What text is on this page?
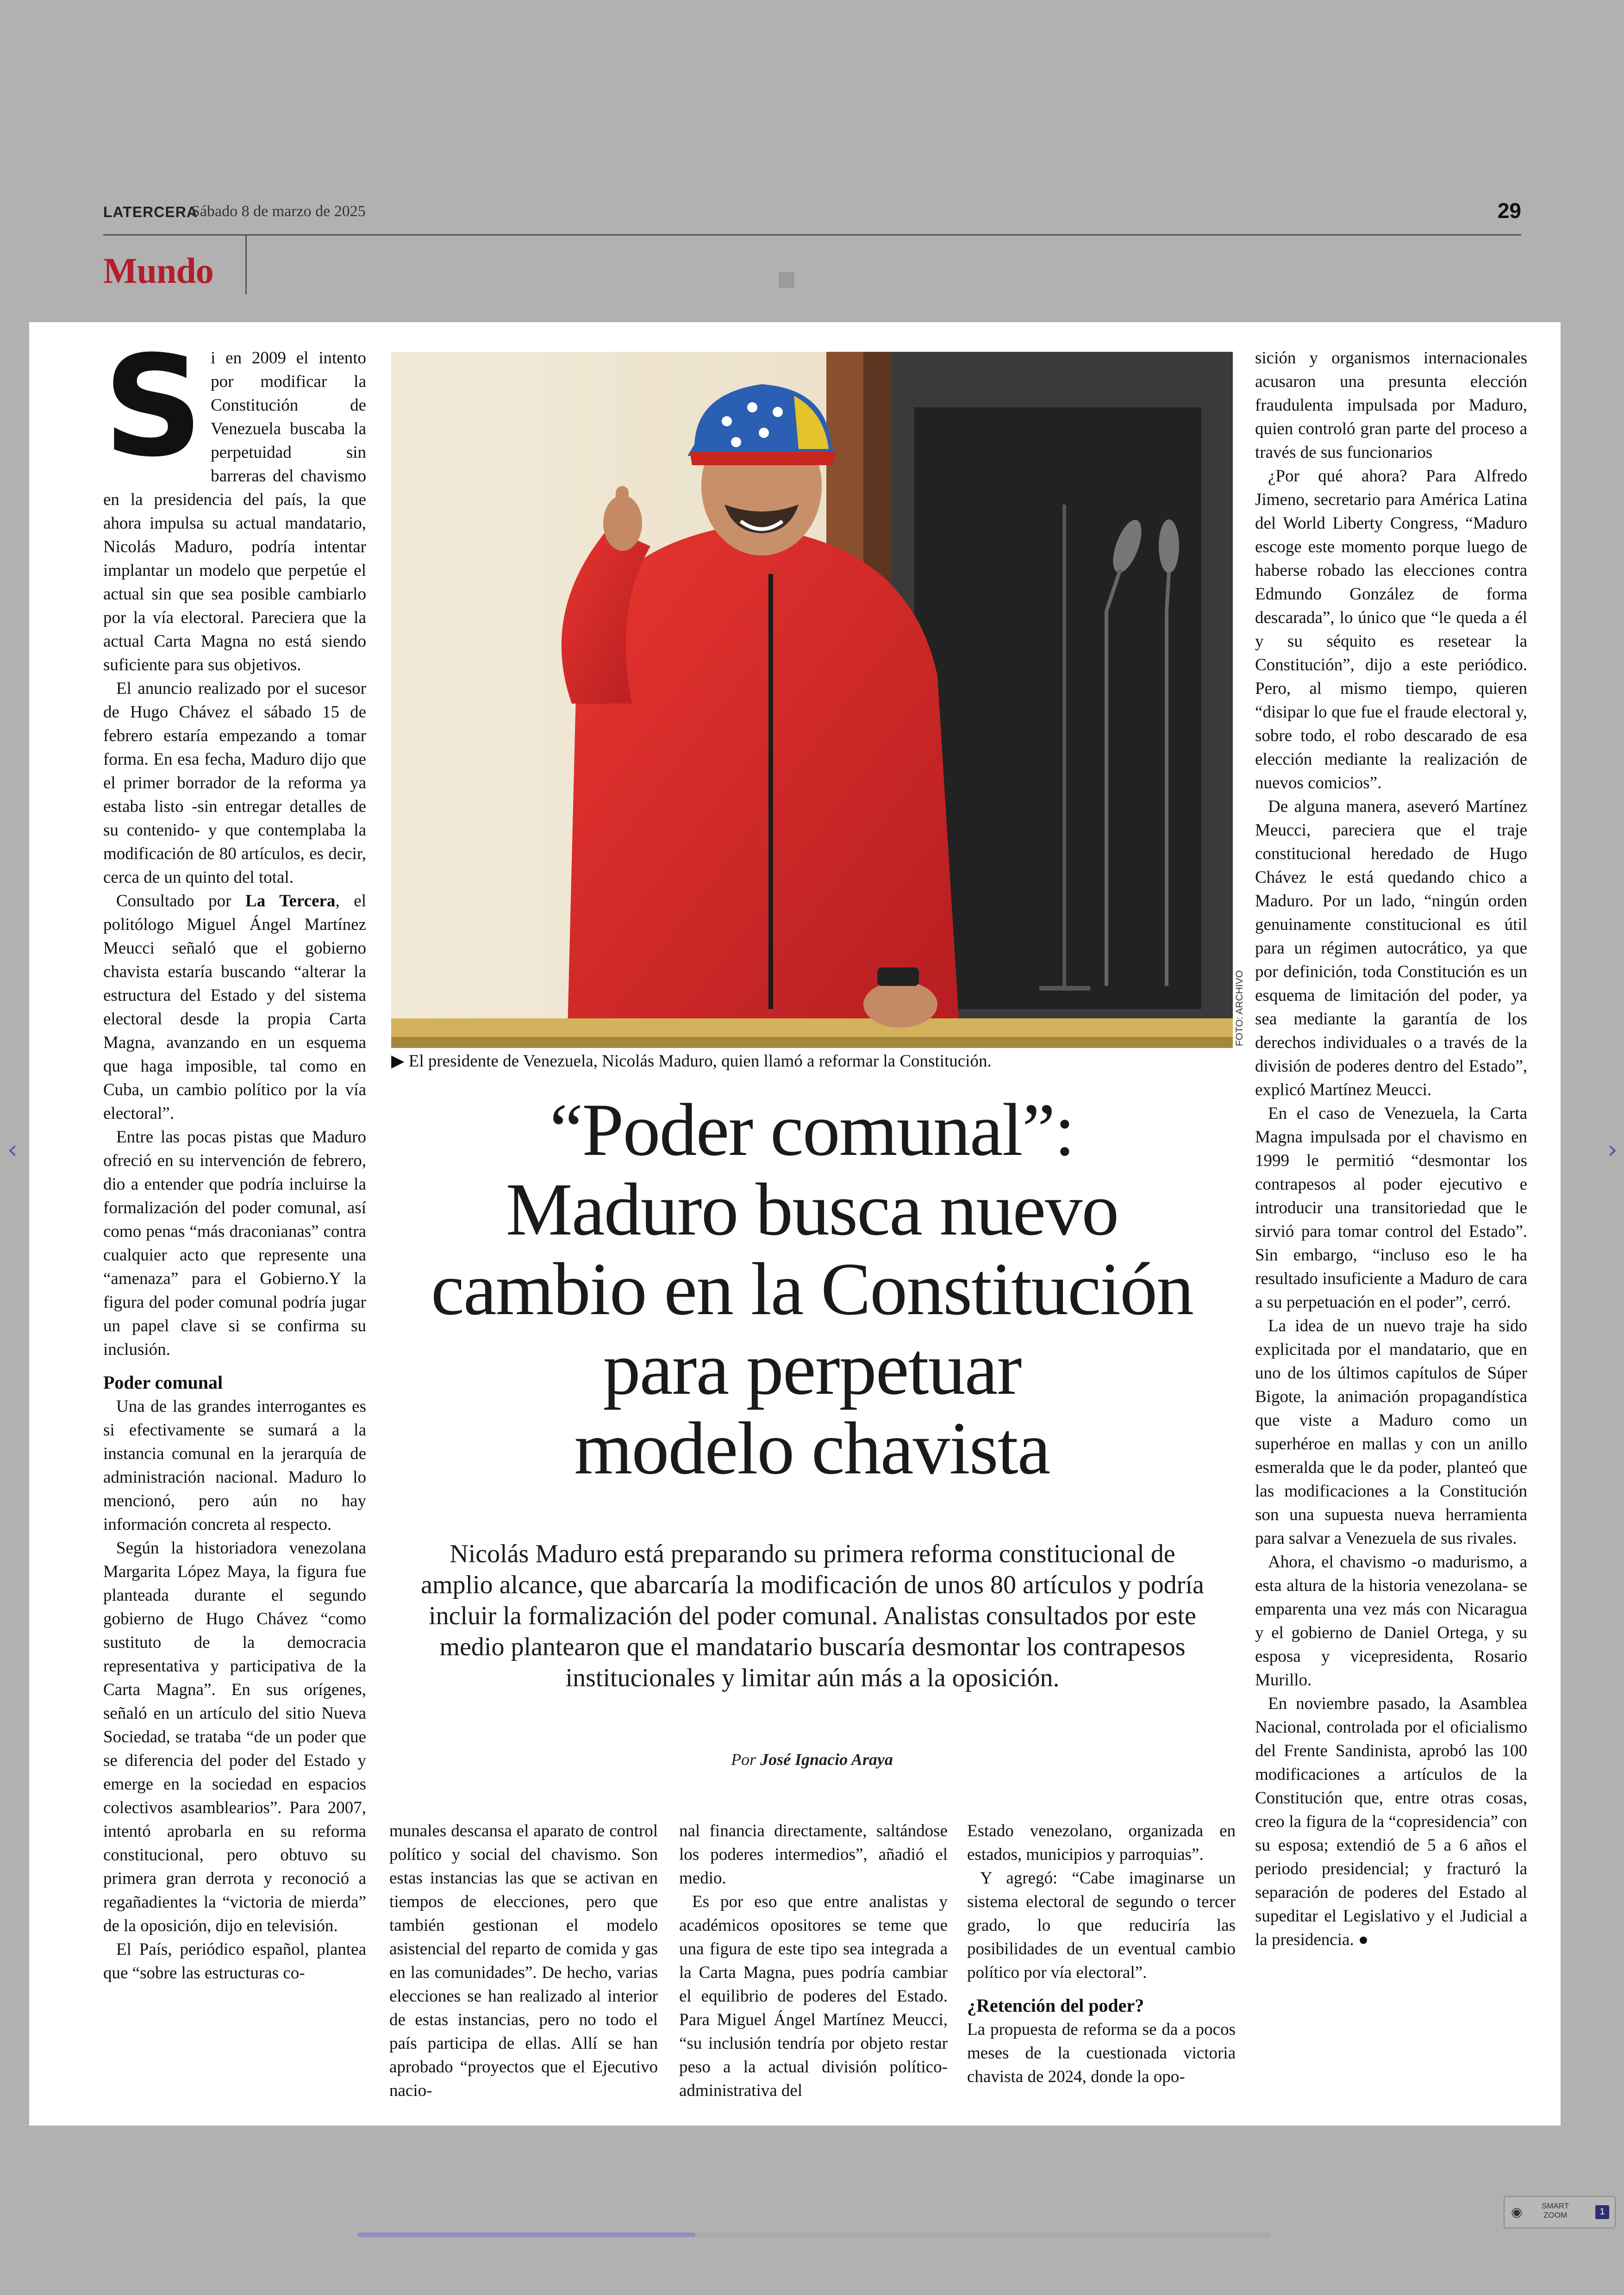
LATERCERA
Sábado 8 de marzo de 2025	29
Mundo
‹	›

Si en 2009 el intento por modificar la Constitución de Venezuela buscaba la perpetuidad sin barreras del chavismo en la presidencia del país, la que ahora impulsa su actual mandatario, Nicolás Maduro, podría intentar implantar un modelo que perpetúe el actual sin que sea posible cambiarlo por la vía electoral. Pareciera que la actual Carta Magna no está siendo suficiente para sus objetivos.

El anuncio realizado por el sucesor de Hugo Chávez el sábado 15 de febrero estaría empezando a tomar forma. En esa fecha, Maduro dijo que el primer borrador de la reforma ya estaba listo -sin entregar detalles de su contenido- y que contemplaba la modificación de 80 artículos, es decir, cerca de un quinto del total.

Consultado por La Tercera, el politólogo Miguel Ángel Martínez Meucci señaló que el gobierno chavista estaría buscando “alterar la estructura del Estado y del sistema electoral desde la propia Carta Magna, avanzando en un esquema que haga imposible, tal como en Cuba, un cambio político por la vía electoral”.

Entre las pocas pistas que Maduro ofreció en su intervención de febrero, dio a entender que podría incluirse la formalización del poder comunal, así como penas “más draconianas” contra cualquier acto que represente una “amenaza” para el Gobierno.Y la figura del poder comunal podría jugar un papel clave si se confirma su inclusión.

Poder comunal

Una de las grandes interrogantes es si efectivamente se sumará a la instancia comunal en la jerarquía de administración nacional. Maduro lo mencionó, pero aún no hay información concreta al respecto.

Según la historiadora venezolana Margarita López Maya, la figura fue planteada durante el segundo gobierno de Hugo Chávez “como sustituto de la democracia representativa y participativa de la Carta Magna”. En sus orígenes, señaló en un artículo del sitio Nueva Sociedad, se trataba “de un poder que se diferencia del poder del Estado y emerge en la sociedad en espacios colectivos asamblearios”. Para 2007, intentó aprobarla en su reforma constitucional, pero obtuvo su primera gran derrota y reconoció a regañadientes la “victoria de mierda” de la oposición, dijo en televisión.

El País, periódico español, plantea que “sobre las estructuras co-

FOTO: ARCHIVO
▶ El presidente de Venezuela, Nicolás Maduro, quien llamó a reformar la Constitución.
“Poder comunal”:
Maduro busca nuevo
cambio en la Constitución
para perpetuar
modelo chavista
Nicolás Maduro está preparando su primera reforma constitucional de amplio alcance, que abarcaría la modificación de unos 80 artículos y podría incluir la formalización del poder comunal. Analistas consultados por este medio plantearon que el mandatario buscaría desmontar los contrapesos institucionales y limitar aún más a la oposición.
Por José Ignacio Araya

munales descansa el aparato de control político y social del chavismo. Son estas instancias las que se activan en tiempos de elecciones, pero que también gestionan el modelo asistencial del reparto de comida y gas en las comunidades”. De hecho, varias elecciones se han realizado al interior de estas instancias, pero no todo el país participa de ellas. Allí se han aprobado “proyectos que el Ejecutivo nacio-

nal financia directamente, saltándose los poderes intermedios”, añadió el medio.

Es por eso que entre analistas y académicos opositores se teme que una figura de este tipo sea integrada a la Carta Magna, pues podría cambiar el equilibrio de poderes del Estado. Para Miguel Ángel Martínez Meucci, “su inclusión tendría por objeto restar peso a la actual división político-administrativa del

Estado venezolano, organizada en estados, municipios y parroquias”.

Y agregó: “Cabe imaginarse un sistema electoral de segundo o tercer grado, lo que reduciría las posibilidades de un eventual cambio político por vía electoral”.

¿Retención del poder?

La propuesta de reforma se da a pocos meses de la cuestionada victoria chavista de 2024, donde la opo-

sición y organismos internacionales acusaron una presunta elección fraudulenta impulsada por Maduro, quien controló gran parte del proceso a través de sus funcionarios

¿Por qué ahora? Para Alfredo Jimeno, secretario para América Latina del World Liberty Congress, “Maduro escoge este momento porque luego de haberse robado las elecciones contra Edmundo González de forma descarada”, lo único que “le queda a él y su séquito es resetear la Constitución”, dijo a este periódico. Pero, al mismo tiempo, quieren “disipar lo que fue el fraude electoral y, sobre todo, el robo descarado de esa elección mediante la realización de nuevos comicios”.

De alguna manera, aseveró Martínez Meucci, pareciera que el traje constitucional heredado de Hugo Chávez le está quedando chico a Maduro. Por un lado, “ningún orden genuinamente constitucional es útil para un régimen autocrático, ya que por definición, toda Constitución es un esquema de limitación del poder, ya sea mediante la garantía de los derechos individuales o a través de la división de poderes dentro del Estado”, explicó Martínez Meucci.

En el caso de Venezuela, la Carta Magna impulsada por el chavismo en 1999 le permitió “desmontar los contrapesos al poder ejecutivo e introducir una transitoriedad que le sirvió para tomar control del Estado”. Sin embargo, “incluso eso le ha resultado insuficiente a Maduro de cara a su perpetuación en el poder”, cerró.

La idea de un nuevo traje ha sido explicitada por el mandatario, que en uno de los últimos capítulos de Súper Bigote, la animación propagandística que viste a Maduro como un superhéroe en mallas y con un anillo esmeralda que le da poder, planteó que las modificaciones a la Constitución son una supuesta nueva herramienta para salvar a Venezuela de sus rivales.

Ahora, el chavismo -o madurismo, a esta altura de la historia venezolana- se emparenta una vez más con Nicaragua y el gobierno de Daniel Ortega, y su esposa y vicepresidenta, Rosario Murillo.

En noviembre pasado, la Asamblea Nacional, controlada por el oficialismo del Frente Sandinista, aprobó las 100 modificaciones a artículos de la Constitución que, entre otras cosas, creo la figura de la “copresidencia” con su esposa; extendió de 5 a 6 años el periodo presidencial; y fracturó la separación de poderes del Estado al supeditar el Legislativo y el Judicial a la presidencia. ●

◉ SMART
ZOOM	1
